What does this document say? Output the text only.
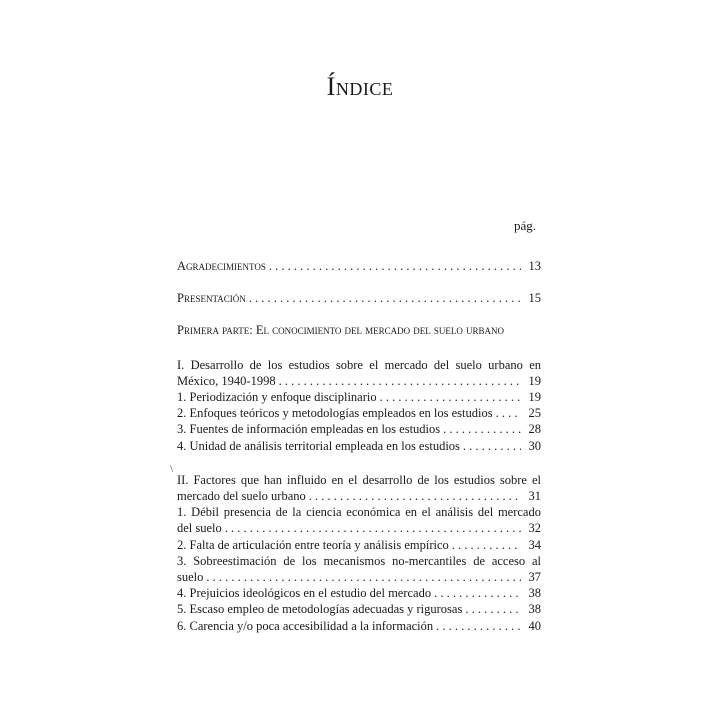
Índice
pág.
\
Agradecimientos . . .	13
Presentación . . .	15
Primera parte: El conocimiento del mercado del suelo urbano
I. Desarrollo de los estudios sobre el mercado del suelo urbano en
México, 1940-1998 . . .	19
1. Periodización y enfoque disciplinario . . .	19
2. Enfoques teóricos y metodologías empleados en los estudios . . .	25
3. Fuentes de información empleadas en los estudios . . .	28
4. Unidad de análisis territorial empleada en los estudios . . .	30
II. Factores que han influido en el desarrollo de los estudios sobre el
mercado del suelo urbano . . .	31
1. Débil presencia de la ciencia económica en el análisis del mercado
del suelo . . .	32
2. Falta de articulación entre teoría y análisis empírico . . .	34
3. Sobreestimación de los mecanismos no-mercantiles de acceso al
suelo . . .	37
4. Prejuicios ideológicos en el estudio del mercado . . .	38
5. Escaso empleo de metodologías adecuadas y rigurosas . . .	38
6. Carencia y/o poca accesibilidad a la información . . .	40
